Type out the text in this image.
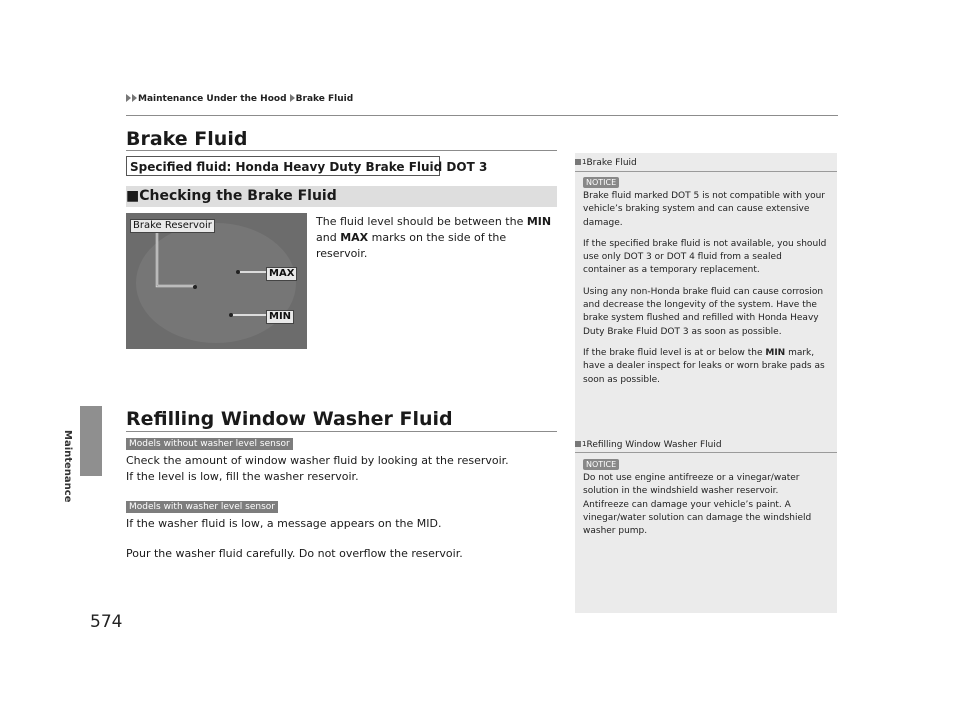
Maintenance Under the Hood Brake Fluid
Maintenance
574
Brake Fluid
Specified fluid: Honda Heavy Duty Brake Fluid DOT 3
■Checking the Brake Fluid
The fluid level should be between the MIN
and MAX marks on the side of the reservoir.
Brake Reservoir
MAX
MIN
Refilling Window Washer Fluid
Models without washer level sensor
Check the amount of window washer fluid by looking at the reservoir.
If the level is low, fill the washer reservoir.
Models with washer level sensor
If the washer fluid is low, a message appears on the MID.
Pour the washer fluid carefully. Do not overflow the reservoir.
$^1$Brake Fluid
NOTICE
Brake fluid marked DOT 5 is not compatible with your
vehicle’s braking system and can cause extensive
damage.
If the specified brake fluid is not available, you should
use only DOT 3 or DOT 4 fluid from a sealed
container as a temporary replacement.
Using any non-Honda brake fluid can cause corrosion
and decrease the longevity of the system. Have the
brake system flushed and refilled with Honda Heavy
Duty Brake Fluid DOT 3 as soon as possible.
If the brake fluid level is at or below the MIN mark,
have a dealer inspect for leaks or worn brake pads as
soon as possible.
$^1$Refilling Window Washer Fluid
NOTICE
Do not use engine antifreeze or a vinegar/water
solution in the windshield washer reservoir.
Antifreeze can damage your vehicle’s paint. A
vinegar/water solution can damage the windshield
washer pump.
